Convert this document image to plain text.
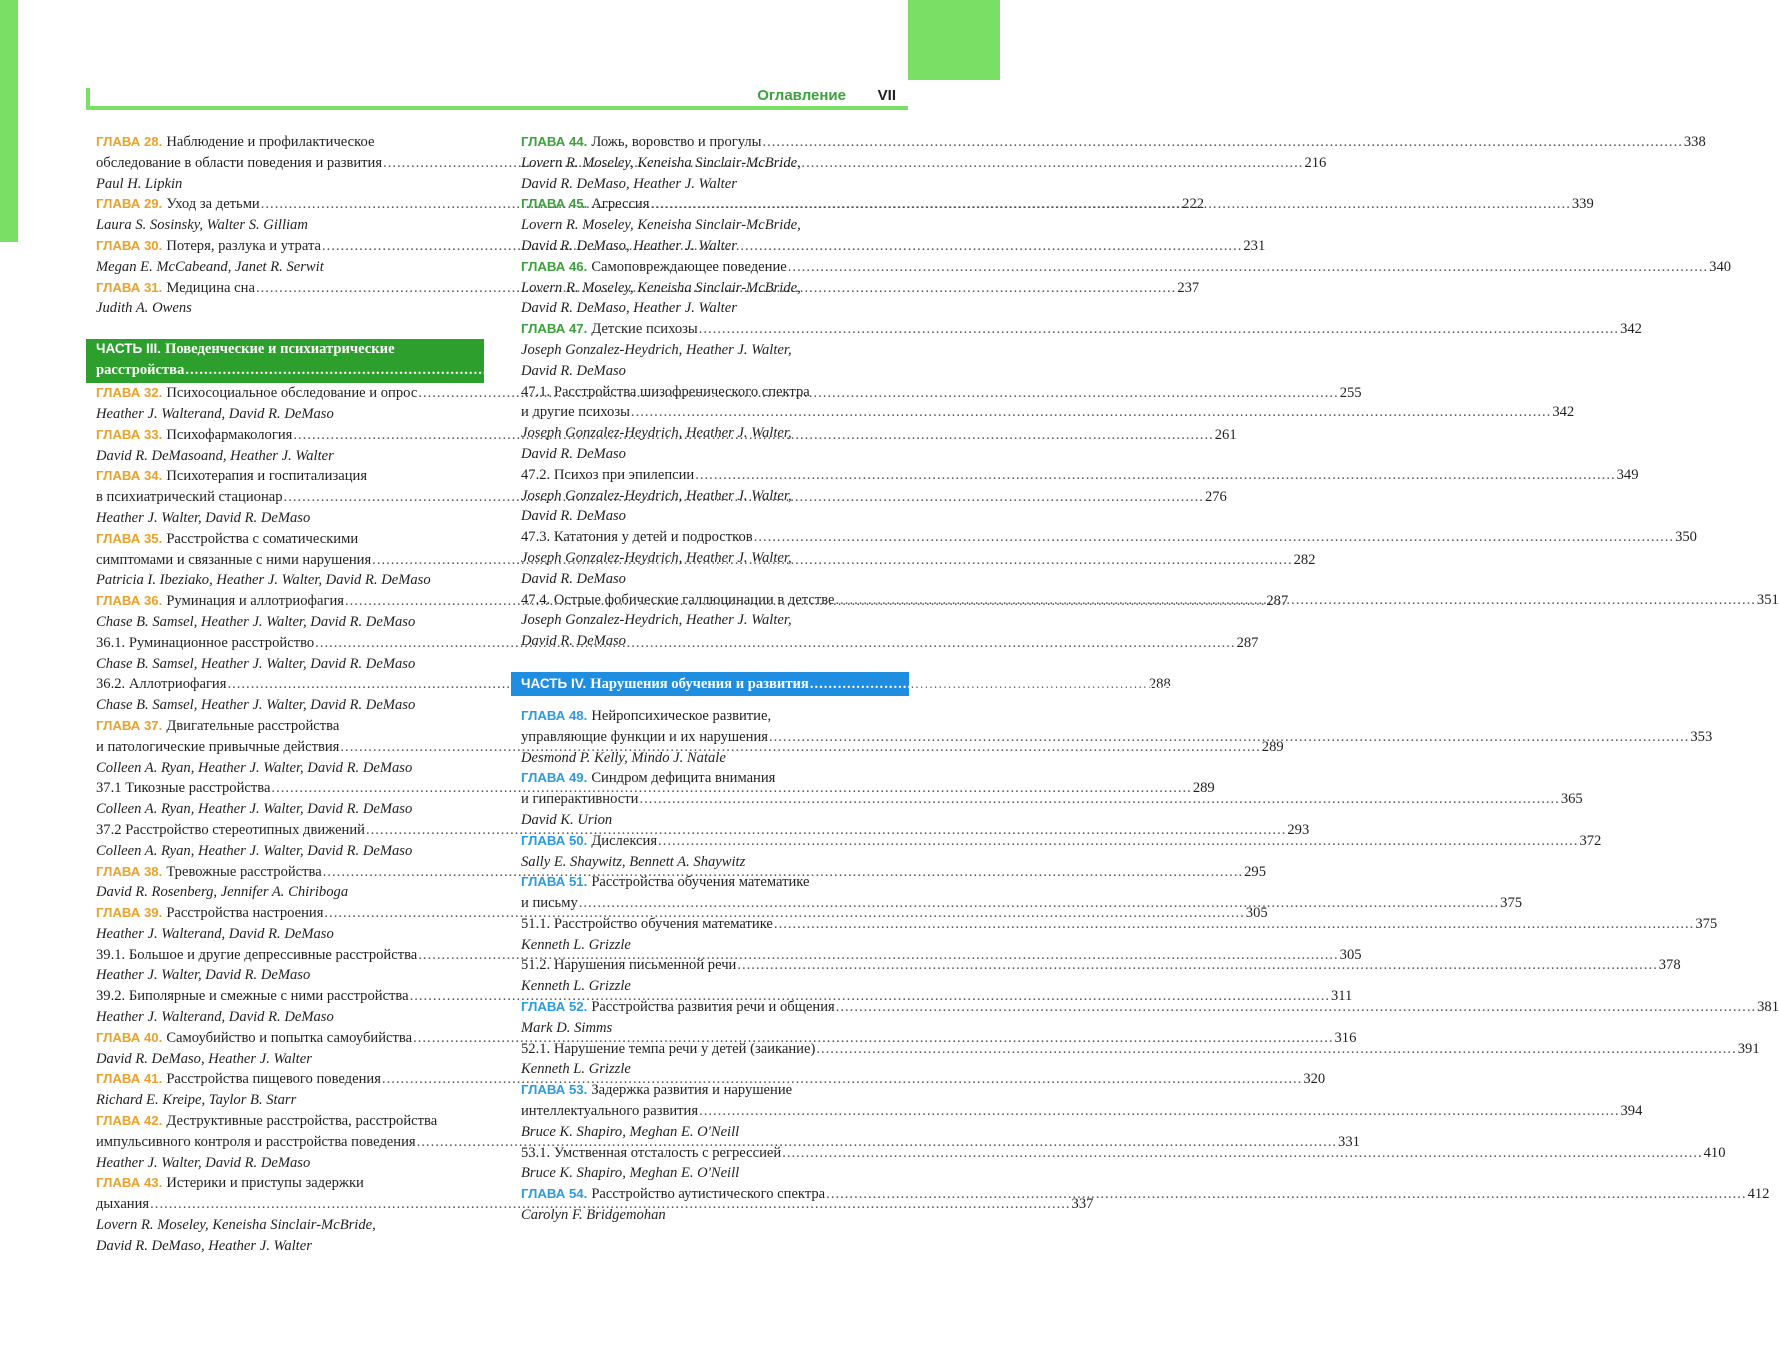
Оглавление VII
ГЛАВА 28. Наблюдение и профилактическое
обследование в области поведения и развития .....	216
Paul H. Lipkin
ГЛАВА 29. Уход за детьми .....	222
Laura S. Sosinsky, Walter S. Gilliam
ГЛАВА 30. Потеря, разлука и утрата .....	231
Megan E. McCabeand, Janet R. Serwit
ГЛАВА 31. Медицина сна .....	237
Judith A. Owens
ЧАСТЬ III. Поведенческие и психиатрические
расстройства .....	255
ГЛАВА 32. Психосоциальное обследование и опрос .....	255
Heather J. Walterand, David R. DeMaso
ГЛАВА 33. Психофармакология .....	261
David R. DeMasoand, Heather J. Walter
ГЛАВА 34. Психотерапия и госпитализация
в психиатрический стационар .....	276
Heather J. Walter, David R. DeMaso
ГЛАВА 35. Расстройства с соматическими
симптомами и связанные с ними нарушения .....	282
Patricia I. Ibeziako, Heather J. Walter, David R. DeMaso
ГЛАВА 36. Руминация и аллотриофагия .....	287
Chase B. Samsel, Heather J. Walter, David R. DeMaso
36.1. Руминационное расстройство .....	287
Chase B. Samsel, Heather J. Walter, David R. DeMaso
36.2. Аллотриофагия .....	288
Chase B. Samsel, Heather J. Walter, David R. DeMaso
ГЛАВА 37. Двигательные расстройства
и патологические привычные действия .....	289
Colleen A. Ryan, Heather J. Walter, David R. DeMaso
37.1 Тикозные расстройства .....	289
Colleen A. Ryan, Heather J. Walter, David R. DeMaso
37.2 Расстройство стереотипных движений .....	293
Colleen A. Ryan, Heather J. Walter, David R. DeMaso
ГЛАВА 38. Тревожные расстройства .....	295
David R. Rosenberg, Jennifer A. Chiriboga
ГЛАВА 39. Расстройства настроения .....	305
Heather J. Walterand, David R. DeMaso
39.1. Большое и другие депрессивные расстройства .....	305
Heather J. Walter, David R. DeMaso
39.2. Биполярные и смежные с ними расстройства .....	311
Heather J. Walterand, David R. DeMaso
ГЛАВА 40. Самоубийство и попытка самоубийства .....	316
David R. DeMaso, Heather J. Walter
ГЛАВА 41. Расстройства пищевого поведения .....	320
Richard E. Kreipe, Taylor B. Starr
ГЛАВА 42. Деструктивные расстройства, расстройства
импульсивного контроля и расстройства поведения .....	331
Heather J. Walter, David R. DeMaso
ГЛАВА 43. Истерики и приступы задержки
дыхания .....	337
Lovern R. Moseley, Keneisha Sinclair-McBride,
David R. DeMaso, Heather J. Walter
ГЛАВА 44. Ложь, воровство и прогулы .....	338
Lovern R. Moseley, Keneisha Sinclair-McBride,
David R. DeMaso, Heather J. Walter
ГЛАВА 45. Агрессия .....	339
Lovern R. Moseley, Keneisha Sinclair-McBride,
David R. DeMaso, Heather J. Walter
ГЛАВА 46. Самоповреждающее поведение .....	340
Lovern R. Moseley, Keneisha Sinclair-McBride,
David R. DeMaso, Heather J. Walter
ГЛАВА 47. Детские психозы .....	342
Joseph Gonzalez-Heydrich, Heather J. Walter,
David R. DeMaso
47.1. Расстройства шизофренического спектра
и другие психозы .....	342
Joseph Gonzalez-Heydrich, Heather J. Walter,
David R. DeMaso
47.2. Психоз при эпилепсии .....	349
Joseph Gonzalez-Heydrich, Heather J. Walter,
David R. DeMaso
47.3. Кататония у детей и подростков .....	350
Joseph Gonzalez-Heydrich, Heather J. Walter,
David R. DeMaso
47.4. Острые фобические галлюцинации в детстве .....	351
Joseph Gonzalez-Heydrich, Heather J. Walter,
David R. DeMaso
ЧАСТЬ IV. Нарушения обучения и развития .....	353
ГЛАВА 48. Нейропсихическое развитие,
управляющие функции и их нарушения .....	353
Desmond P. Kelly, Mindo J. Natale
ГЛАВА 49. Синдром дефицита внимания
и гиперактивности .....	365
David K. Urion
ГЛАВА 50. Дислексия .....	372
Sally E. Shaywitz, Bennett A. Shaywitz
ГЛАВА 51. Расстройства обучения математике
и письму .....	375
51.1. Расстройство обучения математике .....	375
Kenneth L. Grizzle
51.2. Нарушения письменной речи .....	378
Kenneth L. Grizzle
ГЛАВА 52. Расстройства развития речи и общения .....	381
Mark D. Simms
52.1. Нарушение темпа речи у детей (заикание) .....	391
Kenneth L. Grizzle
ГЛАВА 53. Задержка развития и нарушение
интеллектуального развития .....	394
Bruce K. Shapiro, Meghan E. O'Neill
53.1. Умственная отсталость с регрессией .....	410
Bruce K. Shapiro, Meghan E. O'Neill
ГЛАВА 54. Расстройство аутистического спектра .....	412
Carolyn F. Bridgemohan
